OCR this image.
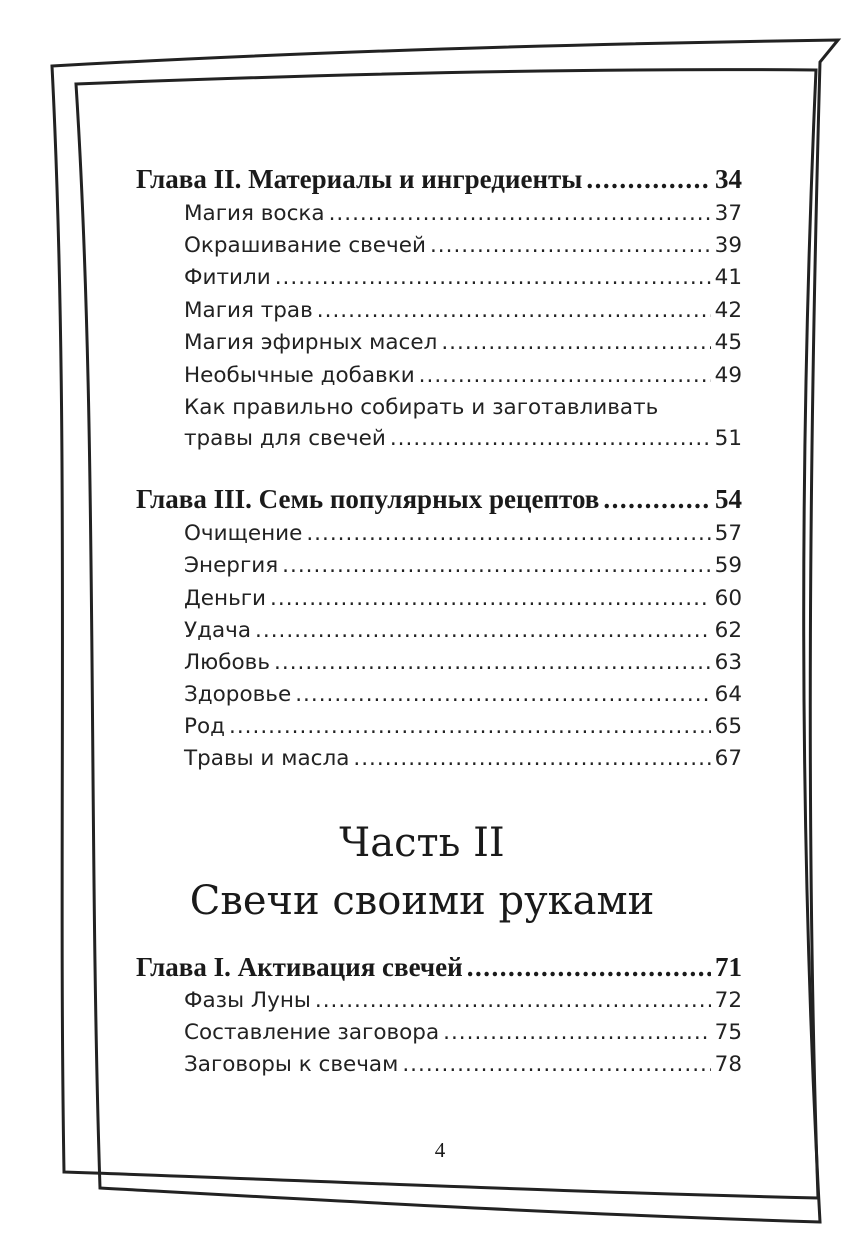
Глава II. Материалы и ингредиенты .....	34
Магия воска .....	37
Окрашивание свечей .....	39
Фитили .....	41
Магия трав .....	42
Магия эфирных масел .....	45
Необычные добавки .....	49
Как правильно собирать и заготавливать
травы для свечей .....	51
Глава III. Семь популярных рецептов .....	54
Очищение .....	57
Энергия .....	59
Деньги .....	60
Удача .....	62
Любовь .....	63
Здоровье .....	64
Род .....	65
Травы и масла .....	67
Часть II
Свечи своими руками
Глава I. Активация свечей .....	71
Фазы Луны .....	72
Составление заговора .....	75
Заговоры к свечам .....	78
4
